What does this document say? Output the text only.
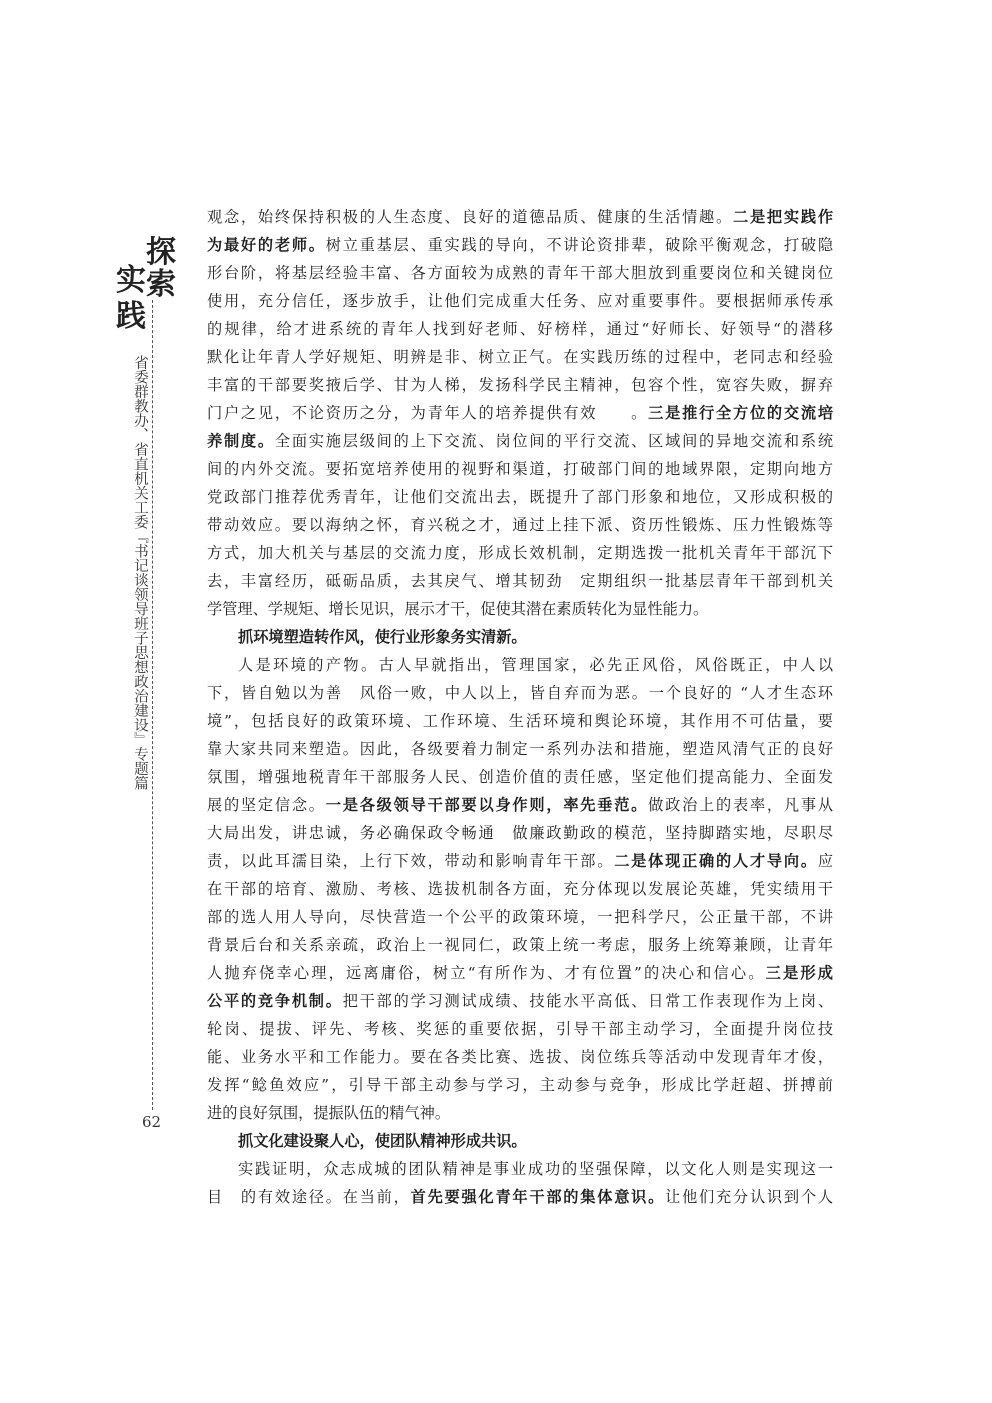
探
索
实
践
省委群教办、省直机关工委『书记谈领导班子思想政治建设』专题篇
62
观念，始终保持积极的人生态度、良好的道德品质、健康的生活情趣。二是把实践作
为最好的老师。树立重基层、重实践的导向，不讲论资排辈，破除平衡观念，打破隐
形台阶，将基层经验丰富、各方面较为成熟的青年干部大胆放到重要岗位和关键岗位
使用，充分信任，逐步放手，让他们完成重大任务、应对重要事件。要根据师承传承
的规律，给才进系统的青年人找到好老师、好榜样，通过“好师长、好领导“的潜移
默化让年青人学好规矩、明辨是非、树立正气。在实践历练的过程中，老同志和经验
丰富的干部要奖掖后学、甘为人梯，发扬科学民主精神，包容个性，宽容失败，摒弃
门户之见，不论资历之分，为青年人的培养提供有效　　。三是推行全方位的交流培
养制度。全面实施层级间的上下交流、岗位间的平行交流、区域间的异地交流和系统
间的内外交流。要拓宽培养使用的视野和渠道，打破部门间的地域界限，定期向地方
党政部门推荐优秀青年，让他们交流出去，既提升了部门形象和地位，又形成积极的
带动效应。要以海纳之怀，育兴税之才，通过上挂下派、资历性锻炼、压力性锻炼等
方式，加大机关与基层的交流力度，形成长效机制，定期选拨一批机关青年干部沉下
去，丰富经历，砥砺品质，去其戾气、增其韧劲　定期组织一批基层青年干部到机关
学管理、学规矩、增长见识，展示才干，促使其潜在素质转化为显性能力。
抓环境塑造转作风，使行业形象务实清新。
人是环境的产物。古人早就指出，管理国家，必先正风俗，风俗既正，中人以
下，皆自勉以为善　风俗一败，中人以上，皆自弃而为恶。一个良好的 “人才生态环
境”，包括良好的政策环境、工作环境、生活环境和舆论环境，其作用不可估量，要
靠大家共同来塑造。因此，各级要着力制定一系列办法和措施，塑造风清气正的良好
氛围，增强地税青年干部服务人民、创造价值的责任感，坚定他们提高能力、全面发
展的坚定信念。一是各级领导干部要以身作则，率先垂范。做政治上的表率，凡事从
大局出发，讲忠诚，务必确保政令畅通　做廉政勤政的模范，坚持脚踏实地，尽职尽
责，以此耳濡目染，上行下效，带动和影响青年干部。二是体现正确的人才导向。应
在干部的培育、激励、考核、选拔机制各方面，充分体现以发展论英雄，凭实绩用干
部的选人用人导向，尽快营造一个公平的政策环境，一把科学尺，公正量干部，不讲
背景后台和关系亲疏，政治上一视同仁，政策上统一考虑，服务上统筹兼顾，让青年
人抛弃侥幸心理，远离庸俗，树立“有所作为、才有位置”的决心和信心。三是形成
公平的竞争机制。把干部的学习测试成绩、技能水平高低、日常工作表现作为上岗、
轮岗、提拔、评先、考核、奖惩的重要依据，引导干部主动学习，全面提升岗位技
能、业务水平和工作能力。要在各类比赛、选拔、岗位练兵等活动中发现青年才俊，
发挥“鲶鱼效应”，引导干部主动参与学习，主动参与竞争，形成比学赶超、拼搏前
进的良好氛围，提振队伍的精气神。
抓文化建设聚人心，使团队精神形成共识。
实践证明，众志成城的团队精神是事业成功的坚强保障，以文化人则是实现这一
目　的有效途径。在当前，首先要强化青年干部的集体意识。让他们充分认识到个人
